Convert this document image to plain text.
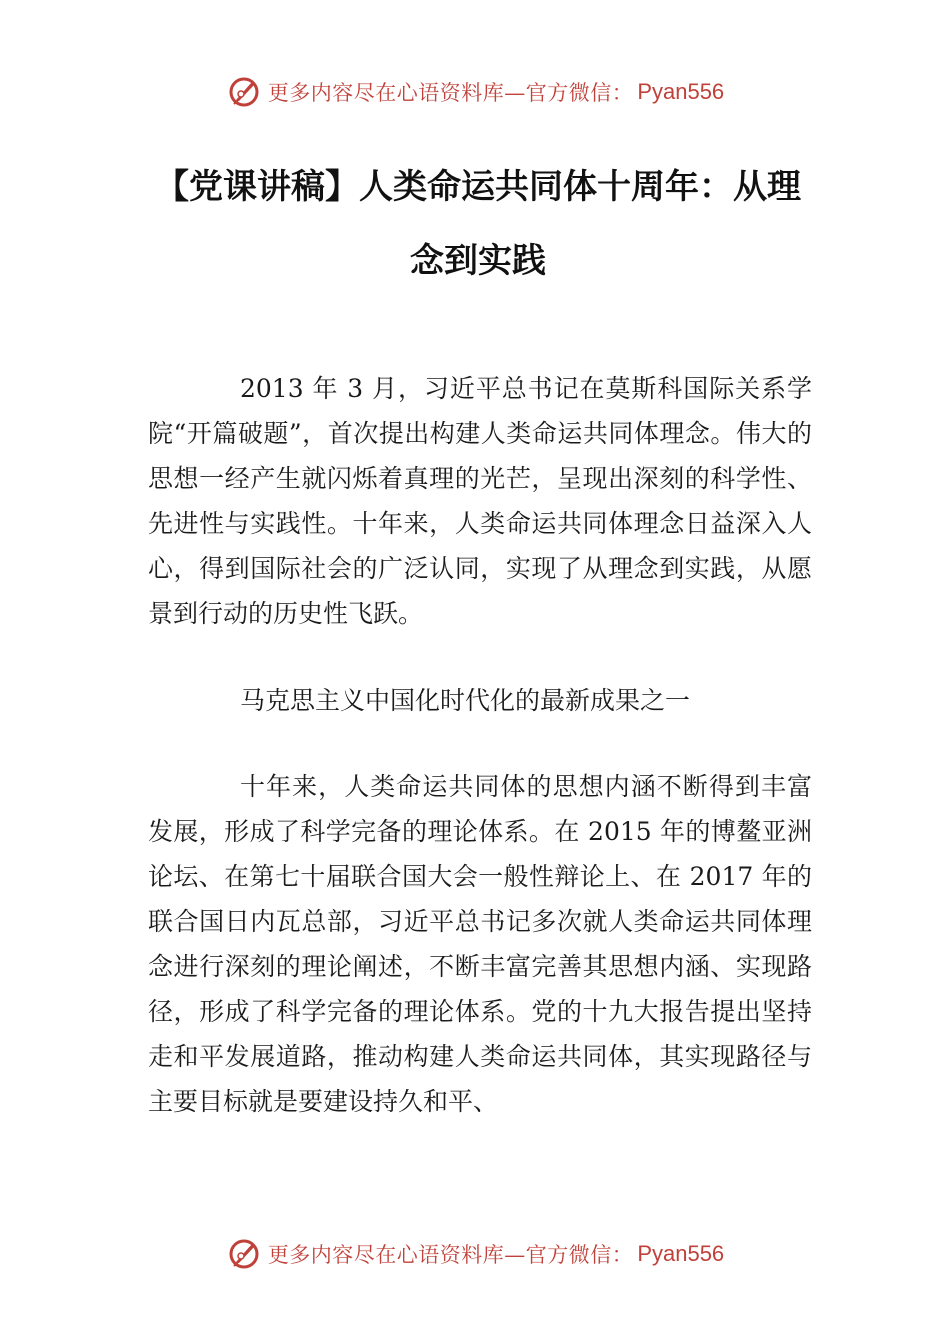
更多内容尽在心语资料库—官方微信： Pyan556
【党课讲稿】人类命运共同体十周年：从理念到实践

2013 年 3 月，习近平总书记在莫斯科国际关系学院“开篇破题”，首次提出构建人类命运共同体理念。伟大的思想一经产生就闪烁着真理的光芒，呈现出深刻的科学性、先进性与实践性。十年来，人类命运共同体理念日益深入人心，得到国际社会的广泛认同，实现了从理念到实践，从愿景到行动的历史性飞跃。

马克思主义中国化时代化的最新成果之一

十年来，人类命运共同体的思想内涵不断得到丰富发展，形成了科学完备的理论体系。在 2015 年的博鳌亚洲论坛、在第七十届联合国大会一般性辩论上、在 2017 年的联合国日内瓦总部，习近平总书记多次就人类命运共同体理念进行深刻的理论阐述，不断丰富完善其思想内涵、实现路径，形成了科学完备的理论体系。党的十九大报告提出坚持走和平发展道路，推动构建人类命运共同体，其实现路径与主要目标就是要建设持久和平、

更多内容尽在心语资料库—官方微信： Pyan556
